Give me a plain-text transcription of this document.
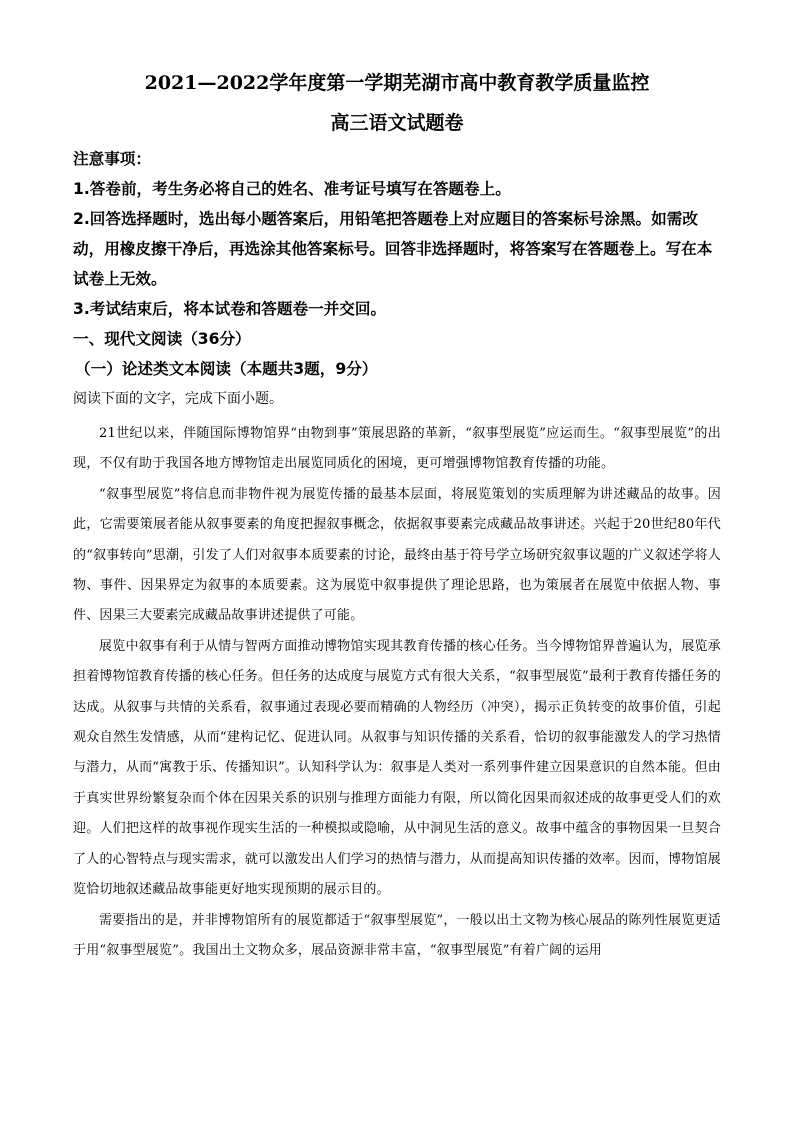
2021—2022学年度第一学期芜湖市高中教育教学质量监控
高三语文试题卷
注意事项：
1.答卷前，考生务必将自己的姓名、准考证号填写在答题卷上。
2.回答选择题时，选出每小题答案后，用铅笔把答题卷上对应题目的答案标号涂黑。如需改动，用橡皮擦干净后，再选涂其他答案标号。回答非选择题时，将答案写在答题卷上。写在本试卷上无效。
3.考试结束后，将本试卷和答题卷一并交回。
一、现代文阅读（36分）
（一）论述类文本阅读（本题共3题，9分）
阅读下面的文字，完成下面小题。

21世纪以来，伴随国际博物馆界“由物到事”策展思路的革新，“叙事型展览”应运而生。“叙事型展览”的出现，不仅有助于我国各地方博物馆走出展览同质化的困境，更可增强博物馆教育传播的功能。

“叙事型展览”将信息而非物件视为展览传播的最基本层面，将展览策划的实质理解为讲述藏品的故事。因此，它需要策展者能从叙事要素的角度把握叙事概念，依据叙事要素完成藏品故事讲述。兴起于20世纪80年代的“叙事转向”思潮，引发了人们对叙事本质要素的讨论，最终由基于符号学立场研究叙事议题的广义叙述学将人物、事件、因果界定为叙事的本质要素。这为展览中叙事提供了理论思路，也为策展者在展览中依据人物、事件、因果三大要素完成藏品故事讲述提供了可能。

展览中叙事有利于从情与智两方面推动博物馆实现其教育传播的核心任务。当今博物馆界普遍认为，展览承担着博物馆教育传播的核心任务。但任务的达成度与展览方式有很大关系，“叙事型展览”最利于教育传播任务的达成。从叙事与共情的关系看，叙事通过表现必要而精确的人物经历（冲突），揭示正负转变的故事价值，引起观众自然生发情感，从而“建构记忆、促进认同。从叙事与知识传播的关系看，恰切的叙事能激发人的学习热情与潜力，从而“寓教于乐、传播知识”。认知科学认为：叙事是人类对一系列事件建立因果意识的自然本能。但由于真实世界纷繁复杂而个体在因果关系的识别与推理方面能力有限，所以简化因果而叙述成的故事更受人们的欢迎。人们把这样的故事视作现实生活的一种模拟或隐喻，从中洞见生活的意义。故事中蕴含的事物因果一旦契合了人的心智特点与现实需求，就可以激发出人们学习的热情与潜力，从而提高知识传播的效率。因而，博物馆展览恰切地叙述藏品故事能更好地实现预期的展示目的。

需要指出的是，并非博物馆所有的展览都适于“叙事型展览”，一般以出土文物为核心展品的陈列性展览更适于用“叙事型展览”。我国出土文物众多，展品资源非常丰富，“叙事型展览”有着广阔的运用
